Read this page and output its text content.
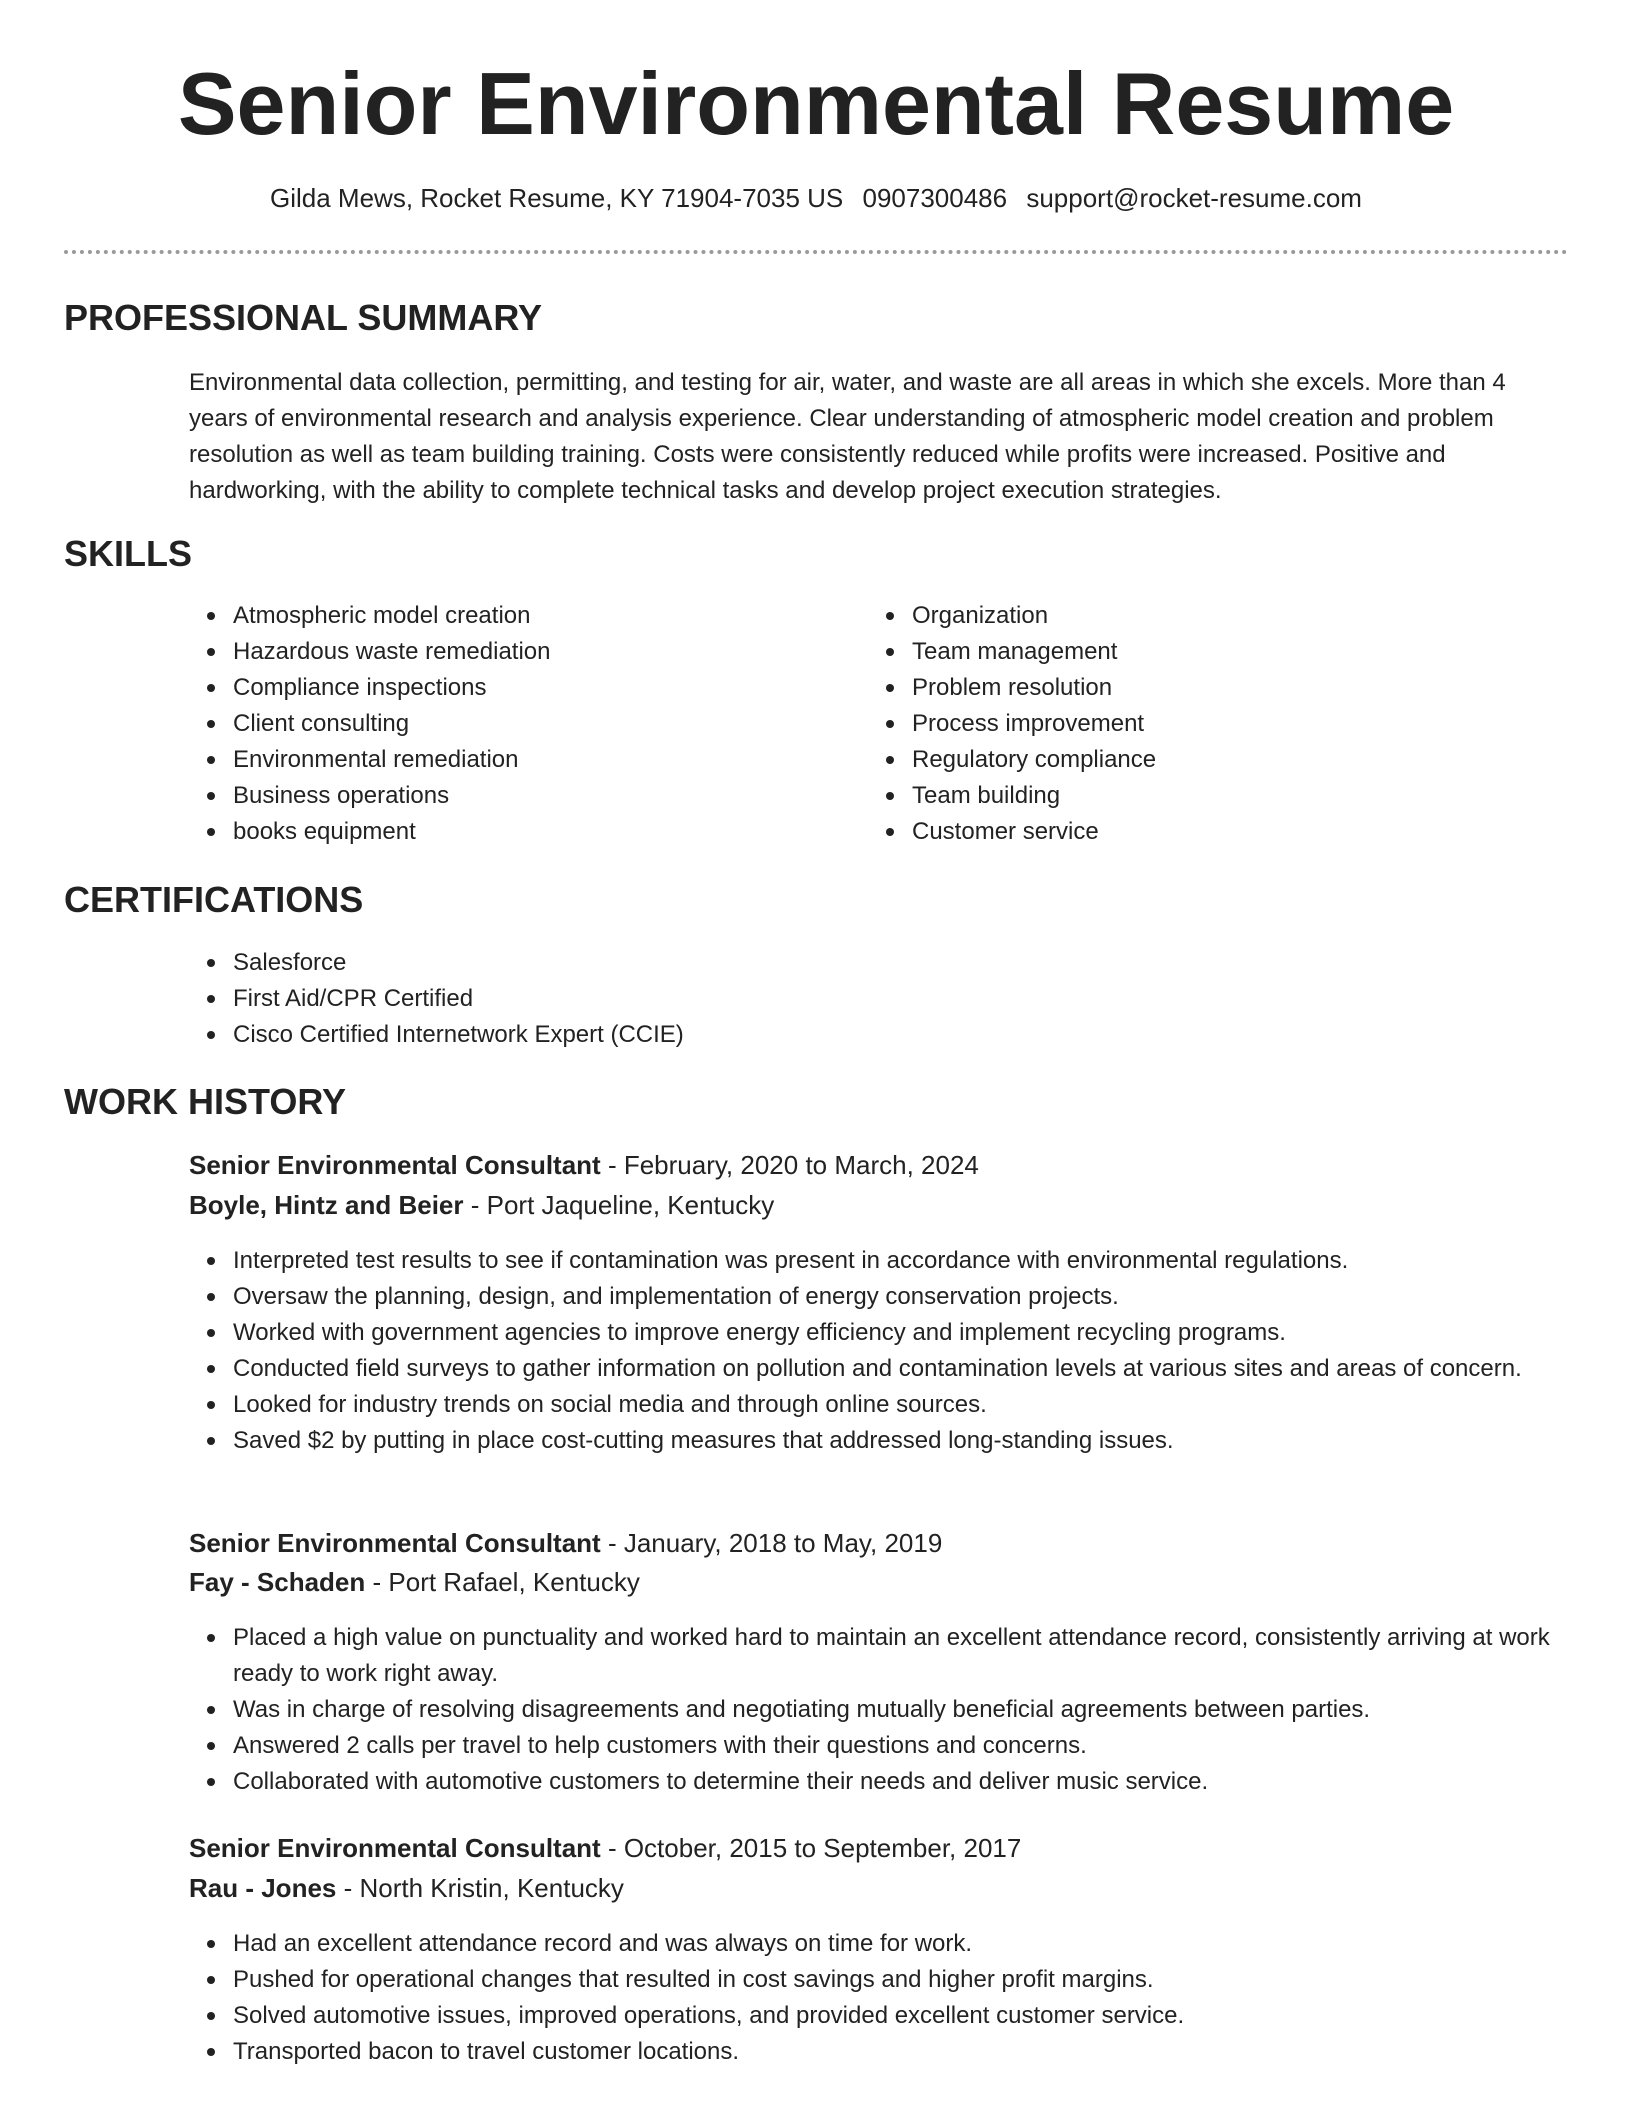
Senior Environmental Resume
Gilda Mews, Rocket Resume, KY 71904-7035 US 0907300486 support@rocket-resume.com
PROFESSIONAL SUMMARY

Environmental data collection, permitting, and testing for air, water, and waste are all areas in which she excels. More than 4 years of environmental research and analysis experience. Clear understanding of atmospheric model creation and problem resolution as well as team building training. Costs were consistently reduced while profits were increased. Positive and hardworking, with the ability to complete technical tasks and develop project execution strategies.

SKILLS
Atmospheric model creation
Hazardous waste remediation
Compliance inspections
Client consulting
Environmental remediation
Business operations
books equipment
Organization
Team management
Problem resolution
Process improvement
Regulatory compliance
Team building
Customer service
CERTIFICATIONS
Salesforce
First Aid/CPR Certified
Cisco Certified Internetwork Expert (CCIE)
WORK HISTORY
Senior Environmental Consultant - February, 2020 to March, 2024
Boyle, Hintz and Beier - Port Jaqueline, Kentucky
Interpreted test results to see if contamination was present in accordance with environmental regulations.
Oversaw the planning, design, and implementation of energy conservation projects.
Worked with government agencies to improve energy efficiency and implement recycling programs.
Conducted field surveys to gather information on pollution and contamination levels at various sites and areas of concern.
Looked for industry trends on social media and through online sources.
Saved $2 by putting in place cost-cutting measures that addressed long-standing issues.
Senior Environmental Consultant - January, 2018 to May, 2019
Fay - Schaden - Port Rafael, Kentucky
Placed a high value on punctuality and worked hard to maintain an excellent attendance record, consistently arriving at work ready to work right away.
Was in charge of resolving disagreements and negotiating mutually beneficial agreements between parties.
Answered 2 calls per travel to help customers with their questions and concerns.
Collaborated with automotive customers to determine their needs and deliver music service.
Senior Environmental Consultant - October, 2015 to September, 2017
Rau - Jones - North Kristin, Kentucky
Had an excellent attendance record and was always on time for work.
Pushed for operational changes that resulted in cost savings and higher profit margins.
Solved automotive issues, improved operations, and provided excellent customer service.
Transported bacon to travel customer locations.
